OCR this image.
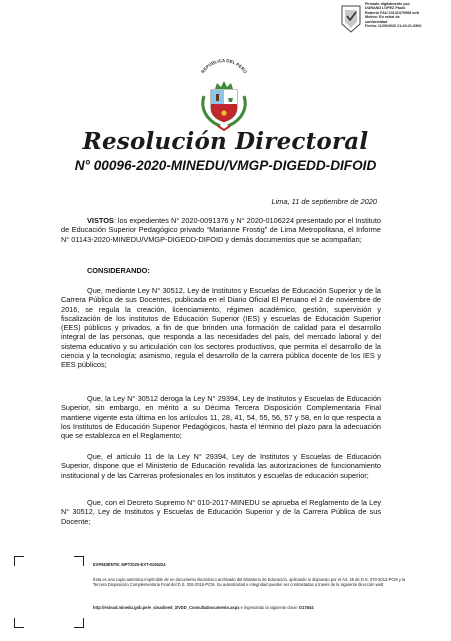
Firmado digitalmente por:
DURAND LOPEZ Paulo
Roberto FAU 20131370998 soft
Motivo: En señal de
conformidad
Fecha: 11/09/2020 21:40:21-0500
REPÚBLICA DEL PERÚ
Resolución Directoral
N° 00096-2020-MINEDU/VMGP-DIGEDD-DIFOID
Lima, 11 de septiembre de 2020

VISTOS: los expedientes N° 2020-0091376 y N° 2020-0106224 presentado por el Instituto de Educación Superior Pedagógico privado “Marianne Frostig” de Lima Metropolitana, el Informe N° 01143-2020-MINEDU/VMGP-DIGEDD-DIFOID y demás documentos que se acompañan;

CONSIDERANDO:

Que, mediante Ley N° 30512, Ley de Institutos y Escuelas de Educación Superior y de la Carrera Pública de sus Docentes, publicada en el Diario Oficial El Peruano el 2 de noviembre de 2016, se regula la creación, licenciamiento, régimen académico, gestión, supervisión y fiscalización de los institutos de Educación Superior (IES) y escuelas de Educación Superior (EES) públicos y privados, a fin de que brinden una formación de calidad para el desarrollo integral de las personas, que responda a las necesidades del país, del mercado laboral y del sistema educativo y su articulación con los sectores productivos, que permita el desarrollo de la ciencia y la tecnología; asimismo, regula el desarrollo de la carrera pública docente de los IES y EES públicos;

Que, la Ley N° 30512 deroga la Ley N° 29394, Ley de Institutos y Escuelas de Educación Superior, sin embargo, en mérito a su Décima Tercera Disposición Complementaria Final mantiene vigente esta última en los artículos 11, 28, 41, 54, 55, 56, 57 y 58, en lo que respecta a los Institutos de Educación Superior Pedagógicos, hasta el término del plazo para la adecuación que se establezca en el Reglamento;

Que, el artículo 11 de la Ley N° 29394, Ley de Institutos y Escuelas de Educación Superior, dispone que el Ministerio de Educación revalida las autorizaciones de funcionamiento institucional y de las Carreras profesionales en los institutos y escuelas de educación superior;

Que, con el Decreto Supremo N° 010-2017-MINEDU se aprueba el Reglamento de la Ley N° 30512, Ley de Institutos y Escuelas de Educación Superior y de la Carrera Pública de sus Docente;

EXPEDIENTE: MPT2020-EXT-0106224
Esta es una copia auténtica imprimible de un documento electrónico archivado del Ministerio de Educación, aplicando lo dispuesto por el Art. 25 de D.S. 070-2013-PCM y la Tercera Disposición Complementaria Final del D.S. 026-2016-PCM. Su autenticidad e integridad pueden ser contrastadas a través de la siguiente dirección web:
http://esinad.minedu.gob.pe/e_sinadmed_3/VDD_ConsultaDocumento.aspx e ingresando la siguiente clave: D17844
